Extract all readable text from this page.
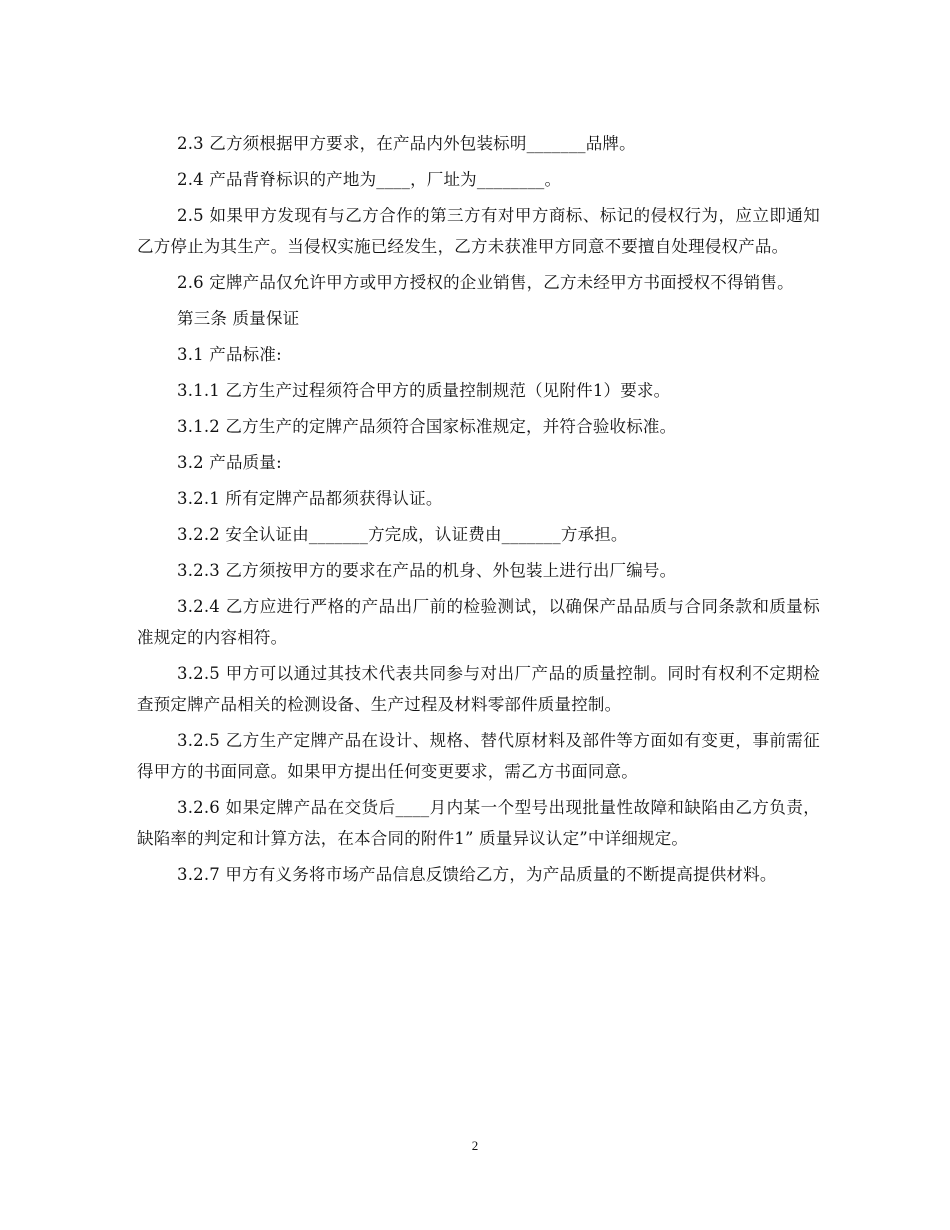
2.3 乙方须根据甲方要求，在产品内外包装标明_______品牌。

2.4 产品背脊标识的产地为____，厂址为________。

2.5 如果甲方发现有与乙方合作的第三方有对甲方商标、标记的侵权行为，应立即通知乙方停止为其生产。当侵权实施已经发生，乙方未获准甲方同意不要擅自处理侵权产品。

2.6 定牌产品仅允许甲方或甲方授权的企业销售，乙方未经甲方书面授权不得销售。

第三条 质量保证

3.1 产品标准:

3.1.1 乙方生产过程须符合甲方的质量控制规范（见附件1）要求。

3.1.2 乙方生产的定牌产品须符合国家标准规定，并符合验收标准。

3.2 产品质量:

3.2.1 所有定牌产品都须获得认证。

3.2.2 安全认证由_______方完成，认证费由_______方承担。

3.2.3 乙方须按甲方的要求在产品的机身、外包装上进行出厂编号。

3.2.4 乙方应进行严格的产品出厂前的检验测试，以确保产品品质与合同条款和质量标准规定的内容相符。

3.2.5 甲方可以通过其技术代表共同参与对出厂产品的质量控制。同时有权利不定期检查预定牌产品相关的检测设备、生产过程及材料零部件质量控制。

3.2.5 乙方生产定牌产品在设计、规格、替代原材料及部件等方面如有变更，事前需征得甲方的书面同意。如果甲方提出任何变更要求，需乙方书面同意。

3.2.6 如果定牌产品在交货后____月内某一个型号出现批量性故障和缺陷由乙方负责，缺陷率的判定和计算方法，在本合同的附件1” 质量异议认定”中详细规定。

3.2.7 甲方有义务将市场产品信息反馈给乙方，为产品质量的不断提高提供材料。

2
